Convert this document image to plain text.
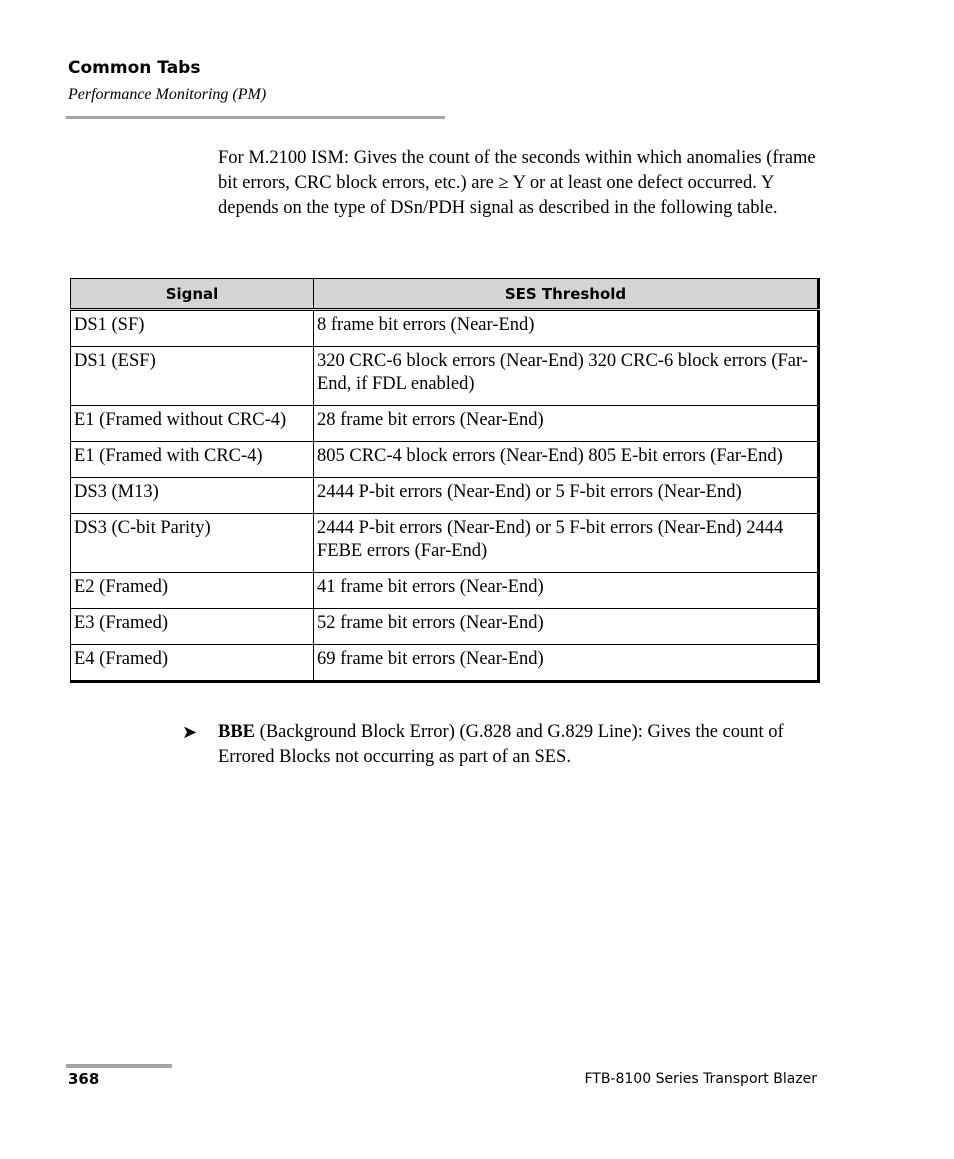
Common Tabs
Performance Monitoring (PM)

For M.2100 ISM: Gives the count of the seconds within which anomalies (frame bit errors, CRC block errors, etc.) are ≥ Y or at least one defect occurred. Y depends on the type of DSn/PDH signal as described in the following table.

Signal	SES Threshold
DS1 (SF)	8 frame bit errors (Near-End)
DS1 (ESF)	320 CRC-6 block errors (Near-End) 320 CRC-6 block errors (Far-End, if FDL enabled)
E1 (Framed without CRC-4)	28 frame bit errors (Near-End)
E1 (Framed with CRC-4)	805 CRC-4 block errors (Near-End) 805 E-bit errors (Far-End)
DS3 (M13)	2444 P-bit errors (Near-End) or 5 F-bit errors (Near-End)
DS3 (C-bit Parity)	2444 P-bit errors (Near-End) or 5 F-bit errors (Near-End) 2444 FEBE errors (Far-End)
E2 (Framed)	41 frame bit errors (Near-End)
E3 (Framed)	52 frame bit errors (Near-End)
E4 (Framed)	69 frame bit errors (Near-End)
➤ BBE (Background Block Error) (G.828 and G.829 Line): Gives the count of Errored Blocks not occurring as part of an SES.

368	FTB-8100 Series Transport Blazer
